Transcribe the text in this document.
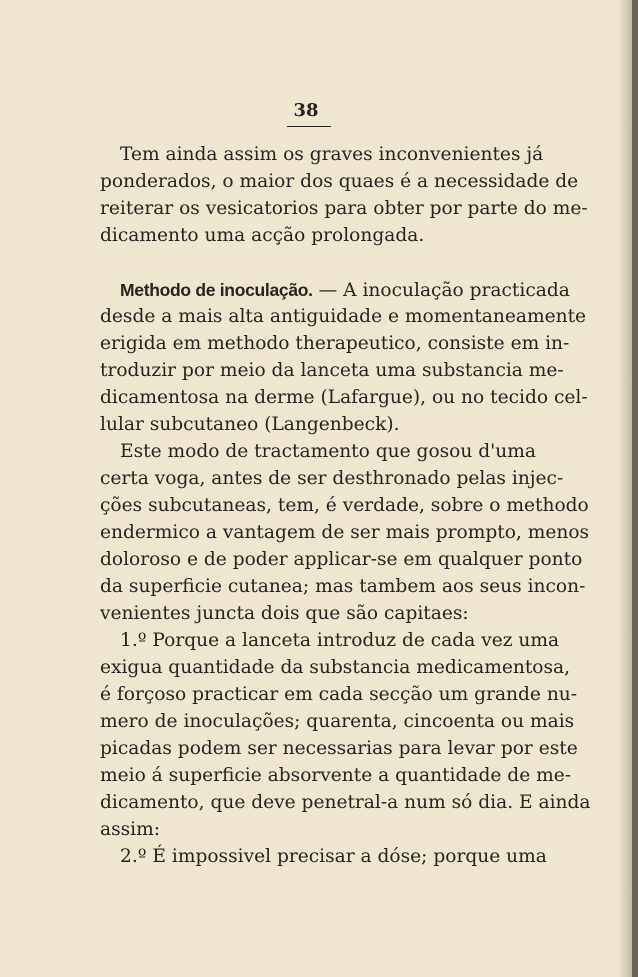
38
Tem ainda assim os graves inconvenientes já
ponderados, o maior dos quaes é a necessidade de
reiterar os vesicatorios para obter por parte do me-
dicamento uma acção prolongada.
Methodo de inoculação. — A inoculação practicada
desde a mais alta antiguidade e momentaneamente
erigida em methodo therapeutico, consiste em in-
troduzir por meio da lanceta uma substancia me-
dicamentosa na derme (Lafargue), ou no tecido cel-
lular subcutaneo (Langenbeck).
Este modo de tractamento que gosou d'uma
certa voga, antes de ser desthronado pelas injec-
ções subcutaneas, tem, é verdade, sobre o methodo
endermico a vantagem de ser mais prompto, menos
doloroso e de poder applicar-se em qualquer ponto
da superficie cutanea; mas tambem aos seus incon-
venientes juncta dois que são capitaes:
1.º Porque a lanceta introduz de cada vez uma
exigua quantidade da substancia medicamentosa,
é forçoso practicar em cada secção um grande nu-
mero de inoculações; quarenta, cincoenta ou mais
picadas podem ser necessarias para levar por este
meio á superficie absorvente a quantidade de me-
dicamento, que deve penetral-a num só dia. E ainda
assim:
2.º É impossivel precisar a dóse; porque uma
